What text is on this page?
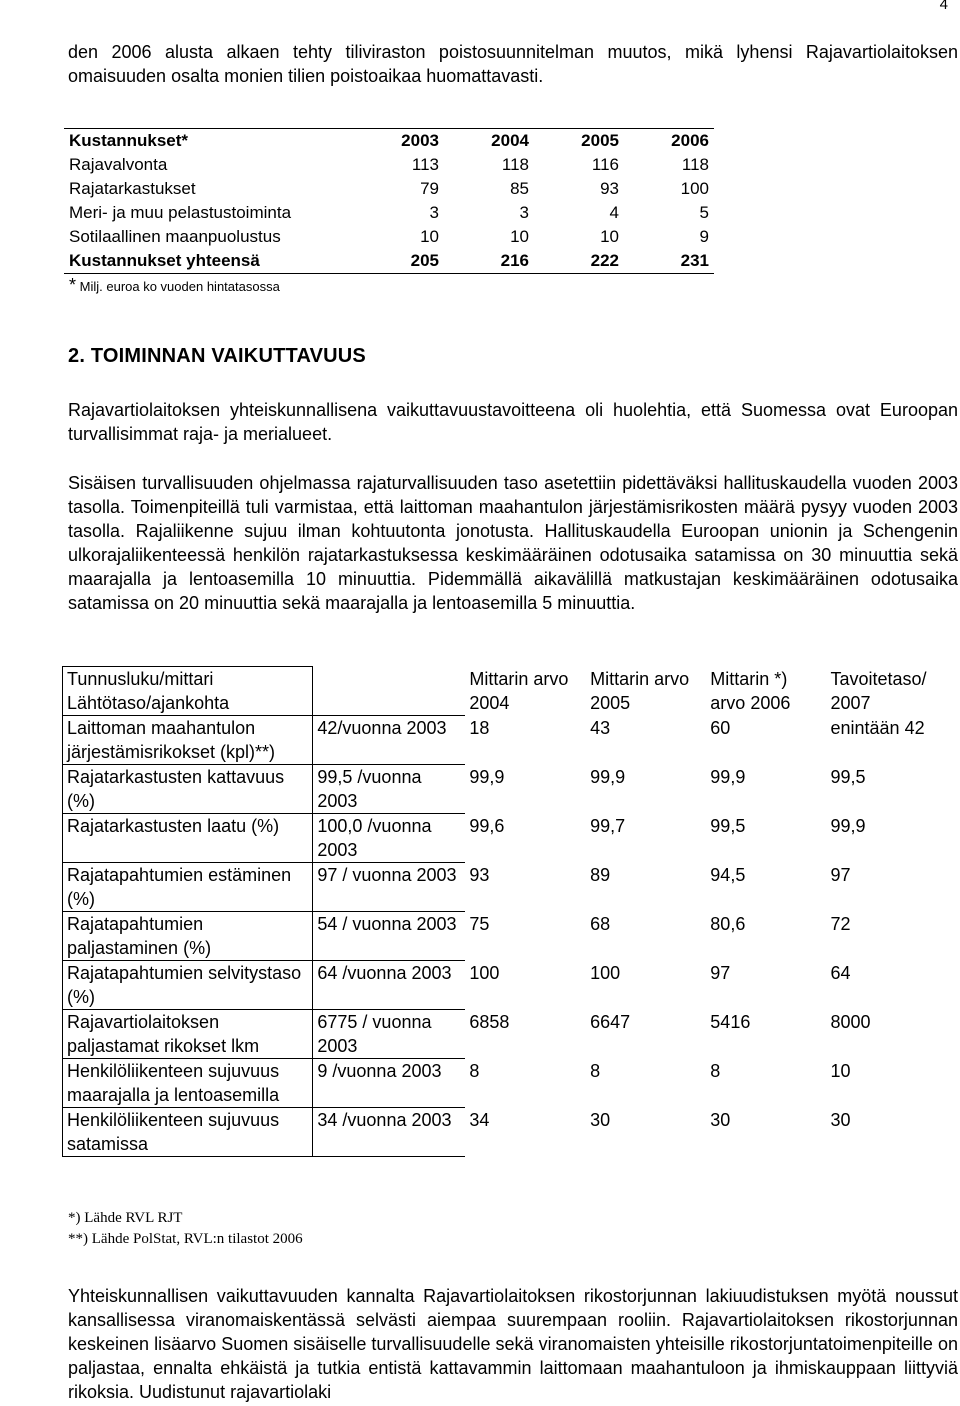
4

den 2006 alusta alkaen tehty tiliviraston poistosuunnitelman muutos, mikä lyhensi Rajavartiolaitoksen omaisuuden osalta monien tilien poistoaikaa huomattavasti.

Kustannukset*	2003	2004	2005	2006
Rajavalvonta	113	118	116	118
Rajatarkastukset	79	85	93	100
Meri- ja muu pelastustoiminta	3	3	4	5
Sotilaallinen maanpuolustus	10	10	10	9
Kustannukset yhteensä	205	216	222	231
* Milj. euroa ko vuoden hintatasossa
2. TOIMINNAN VAIKUTTAVUUS

Rajavartiolaitoksen yhteiskunnallisena vaikuttavuustavoitteena oli huolehtia, että Suomessa ovat Euroopan turvallisimmat raja- ja merialueet.

Sisäisen turvallisuuden ohjelmassa rajaturvallisuuden taso asetettiin pidettäväksi hallituskaudella vuoden 2003 tasolla. Toimenpiteillä tuli varmistaa, että laittoman maahantulon järjestämisrikosten määrä pysyy vuoden 2003 tasolla. Rajaliikenne sujuu ilman kohtuutonta jonotusta. Hallituskaudella Euroopan unionin ja Schengenin ulkorajaliikenteessä henkilön rajatarkastuksessa keskimääräinen odotusaika satamissa on 30 minuuttia sekä maarajalla ja lentoasemilla 10 minuuttia. Pidemmällä aikavälillä matkustajan keskimääräinen odotusaika satamissa on 20 minuuttia sekä maarajalla ja lentoasemilla 5 minuuttia.

Tunnusluku/mittari
Lähtötaso/ajankohta		Mittarin arvo 2004	Mittarin arvo 2005	Mittarin *) arvo 2006	Tavoitetaso/ 2007
Laittoman maahantulon järjestämisrikokset (kpl)**)	42/vuonna 2003	18	43	60	enintään 42
Rajatarkastusten kattavuus (%)	99,5 /vuonna 2003	99,9	99,9	99,9	99,5
Rajatarkastusten laatu (%)	100,0 /vuonna 2003	99,6	99,7	99,5	99,9
Rajatapahtumien estäminen (%)	97 / vuonna 2003	93	89	94,5	97
Rajatapahtumien paljastaminen (%)	54 / vuonna 2003	75	68	80,6	72
Rajatapahtumien selvitystaso (%)	64 /vuonna 2003	100	100	97	64
Rajavartiolaitoksen paljastamat rikokset lkm	6775 / vuonna 2003	6858	6647	5416	8000
Henkilöliikenteen sujuvuus maarajalla ja lentoasemilla	9 /vuonna 2003	8	8	8	10
Henkilöliikenteen sujuvuus satamissa	34 /vuonna 2003	34	30	30	30
*) Lähde RVL RJT
**) Lähde PolStat, RVL:n tilastot 2006

Yhteiskunnallisen vaikuttavuuden kannalta Rajavartiolaitoksen rikostorjunnan lakiuudistuksen myötä noussut kansallisessa viranomaiskentässä selvästi aiempaa suurempaan rooliin. Rajavartiolaitoksen rikostorjunnan keskeinen lisäarvo Suomen sisäiselle turvallisuudelle sekä viranomaisten yhteisille rikostorjuntatoimenpiteille on paljastaa, ennalta ehkäistä ja tutkia entistä kattavammin laittomaan maahantuloon ja ihmiskauppaan liittyviä rikoksia. Uudistunut rajavartiolaki
